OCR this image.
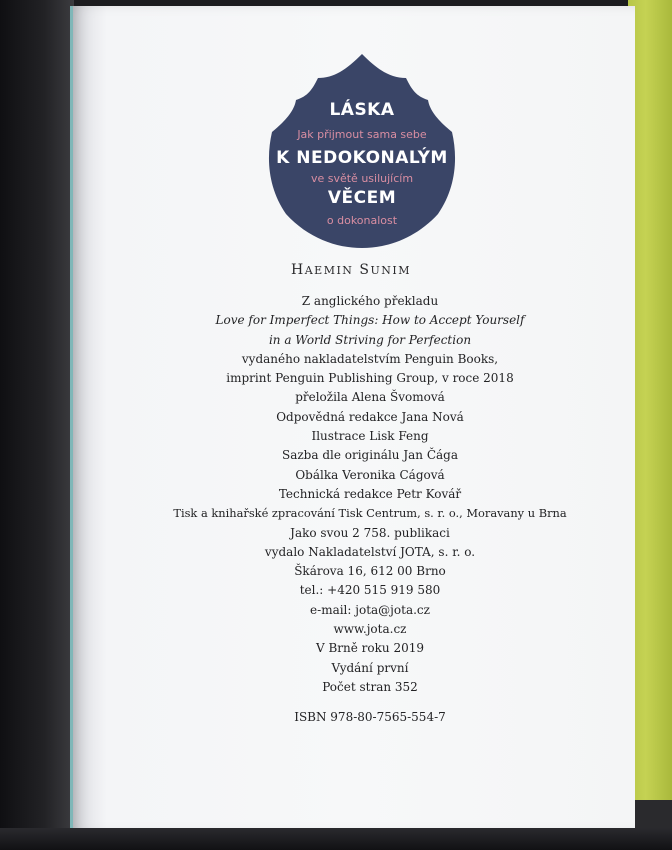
LÁSKA
Jak přijmout sama sebe
K NEDOKONALÝM
ve světě usilujícím
VĚCEM
o dokonalost
HAEMIN SUNIM
Z anglického překladu
Love for Imperfect Things: How to Accept Yourself
in a World Striving for Perfection
vydaného nakladatelstvím Penguin Books,
imprint Penguin Publishing Group, v roce 2018
přeložila Alena Švomová
Odpovědná redakce Jana Nová
Ilustrace Lisk Feng
Sazba dle originálu Jan Čága
Obálka Veronika Cágová
Technická redakce Petr Kovář
Tisk a knihařské zpracování Tisk Centrum, s. r. o., Moravany u Brna
Jako svou 2 758. publikaci
vydalo Nakladatelství JOTA, s. r. o.
Škárova 16, 612 00 Brno
tel.: +420 515 919 580
e-mail: jota@jota.cz
www.jota.cz
V Brně roku 2019
Vydání první
Počet stran 352
ISBN 978-80-7565-554-7
